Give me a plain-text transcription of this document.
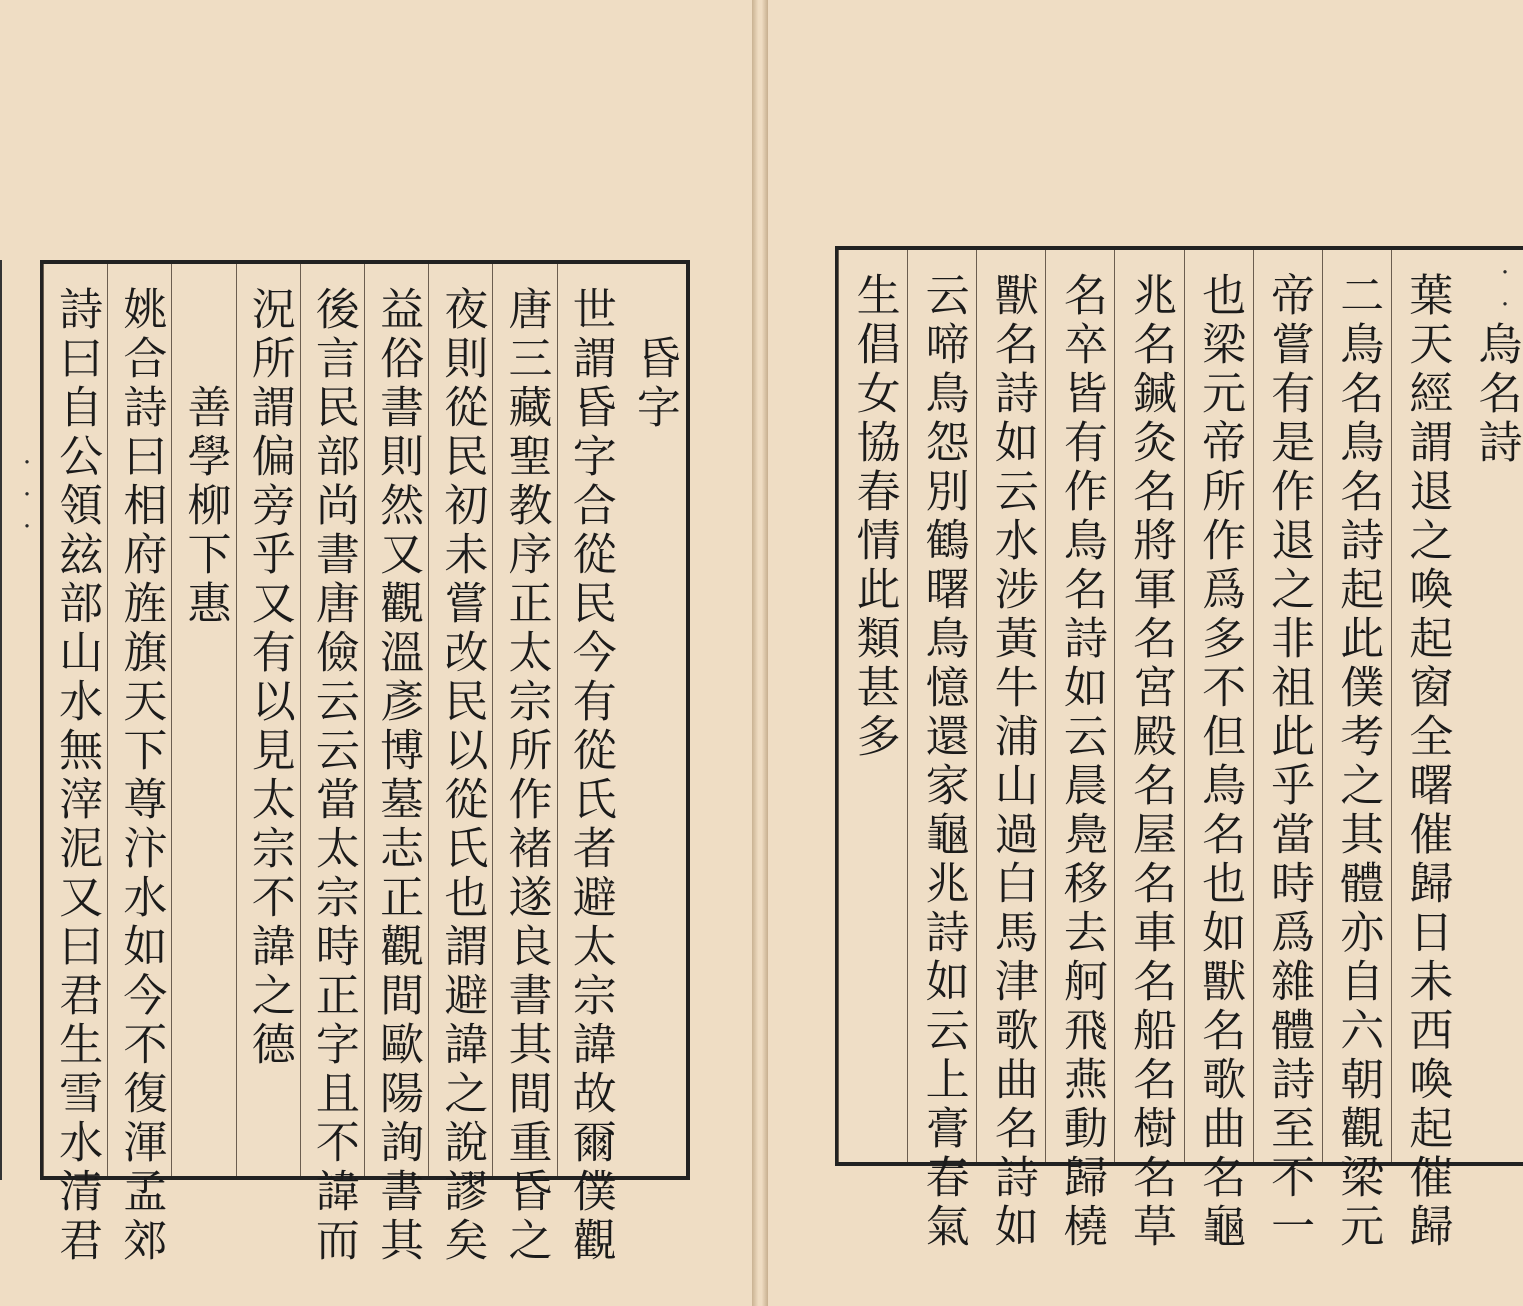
昏字
世謂昏字合從民今有從氏者避太宗諱故爾僕觀
唐三藏聖教序正太宗所作褚遂良書其間重昏之
夜則從民初未嘗改民以從氏也謂避諱之說謬矣
益俗書則然又觀溫彥博墓志正觀間歐陽詢書其
後言民部尚書唐儉云云當太宗時正字且不諱而
況所謂偏旁乎又有以見太宗不諱之德
善學柳下惠
姚合詩曰相府旌旗天下尊汴水如今不復渾孟郊
詩曰自公領玆部山水無滓泥又曰君生雪水清君	烏名詩
葉天經謂退之喚起窗全曙催歸日未西喚起催歸
二鳥名鳥名詩起此僕考之其體亦自六朝觀梁元
帝嘗有是作退之非祖此乎當時爲雜體詩至不一
也梁元帝所作爲多不但鳥名也如獸名歌曲名龜
兆名鍼灸名將軍名宮殿名屋名車名船名樹名草
名卒皆有作鳥名詩如云晨鳧移去舸飛燕動歸橈
獸名詩如云水涉黃牛浦山過白馬津歌曲名詩如
云啼鳥怨別鶴曙鳥憶還家龜兆詩如云上膏春氣
生倡女協春情此類甚多
...
...
